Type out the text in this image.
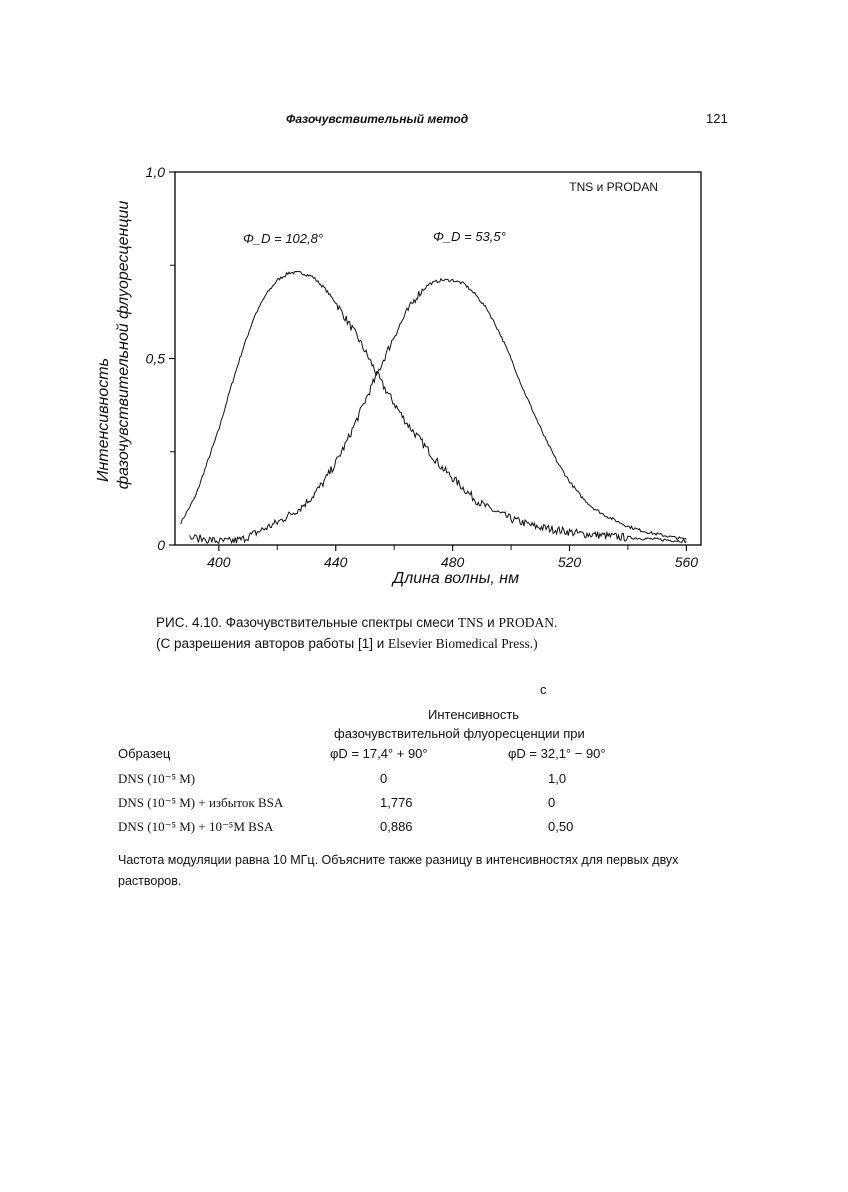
Фазочувствительный метод	121
400	440	480	520	560
0
0,5
1,0
Интенсивность фазочувствительной флуоресценции
Длина волны, нм
TNS и PRODAN
Φ_D = 102,8°	Φ_D = 53,5°
РИС. 4.10. Фазочувствительные спектры смеси TNS и PRODAN.
(С разрешения авторов работы [1] и Elsevier Biomedical Press.)
c
Интенсивность
фазочувствительной флуоресценции при
Образец	φD = 17,4° + 90°	φD = 32,1° − 90°
DNS (10⁻⁵ М)	0	1,0
DNS (10⁻⁵ М) + избыток BSA	1,776	0
DNS (10⁻⁵ М) + 10⁻⁵М BSA	0,886	0,50
Частота модуляции равна 10 МГц. Объясните также разницу в интенсивностях для первых двух растворов.
